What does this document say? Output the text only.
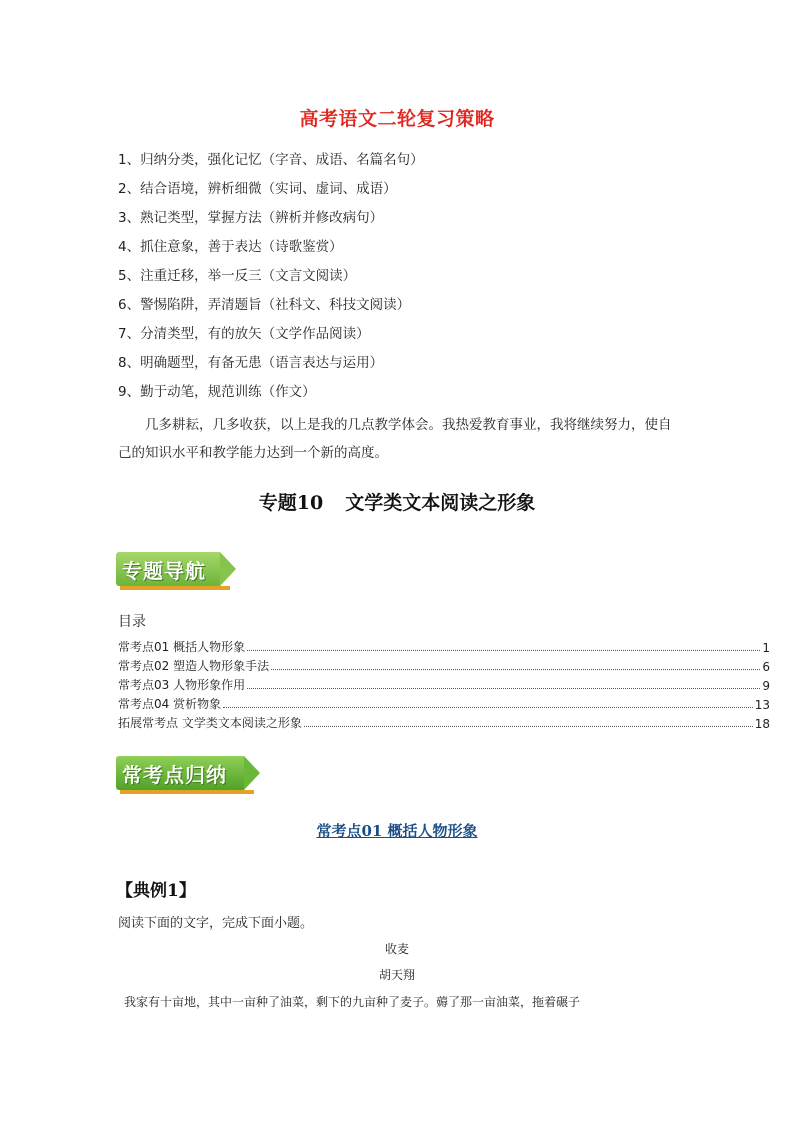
高考语文二轮复习策略
1、归纳分类，强化记忆（字音、成语、名篇名句）
2、结合语境，辨析细微（实词、虚词、成语）
3、熟记类型，掌握方法（辨析并修改病句）
4、抓住意象，善于表达（诗歌鉴赏）
5、注重迁移，举一反三（文言文阅读）
6、警惕陷阱，弄清题旨（社科文、科技文阅读）
7、分清类型，有的放矢（文学作品阅读）
8、明确题型，有备无患（语言表达与运用）
9、勤于动笔，规范训练（作文）
几多耕耘，几多收获，以上是我的几点教学体会。我热爱教育事业，我将继续努力，使自己的知识水平和教学能力达到一个新的高度。
专题10 文学类文本阅读之形象
专题导航
目录
常考点01 概括人物形象	1
常考点02 塑造人物形象手法	6
常考点03 人物形象作用	9
常考点04 赏析物象	13
拓展常考点 文学类文本阅读之形象	18
常考点归纳
常考点01 概括人物形象
【典例1】
阅读下面的文字，完成下面小题。
收麦
胡天翔
我家有十亩地，其中一亩种了油菜，剩下的九亩种了麦子。薅了那一亩油菜，拖着碾子
